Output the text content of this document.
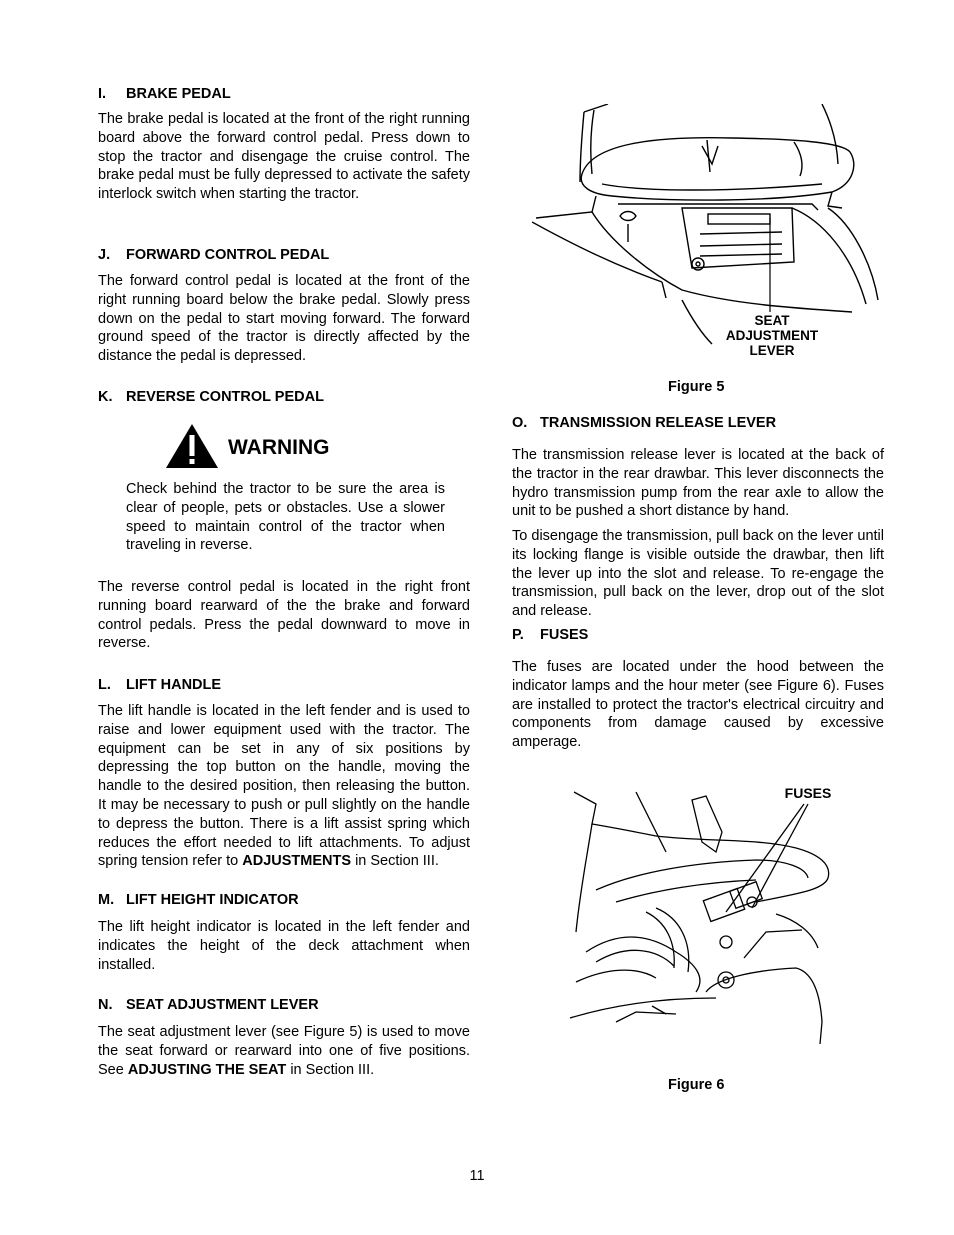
I. BRAKE PEDAL

The brake pedal is located at the front of the right running board above the forward control pedal. Press down to stop the tractor and disengage the cruise control. The brake pedal must be fully depressed to activate the safety interlock switch when starting the tractor.

J. FORWARD CONTROL PEDAL

The forward control pedal is located at the front of the right running board below the brake pedal. Slowly press down on the pedal to start moving forward. The forward ground speed of the tractor is directly affected by the distance the pedal is depressed.

K. REVERSE CONTROL PEDAL

WARNING

Check behind the tractor to be sure the area is clear of people, pets or obstacles. Use a slower speed to maintain control of the tractor when traveling in reverse.

The reverse control pedal is located in the right front running board rearward of the the brake and forward control pedals. Press the pedal downward to move in reverse.

L. LIFT HANDLE

The lift handle is located in the left fender and is used to raise and lower equipment used with the tractor. The equipment can be set in any of six positions by depressing the top button on the handle, moving the handle to the desired position, then releasing the button. It may be necessary to push or pull slightly on the handle to depress the button. There is a lift assist spring which reduces the effort needed to lift attachments. To adjust spring tension refer to ADJUSTMENTS in Section III.

M. LIFT HEIGHT INDICATOR

The lift height indicator is located in the left fender and indicates the height of the deck attachment when installed.

N. SEAT ADJUSTMENT LEVER

The seat adjustment lever (see Figure 5) is used to move the seat forward or rearward into one of five positions. See ADJUSTING THE SEAT in Section III.

SEAT
ADJUSTMENT
LEVER

Figure 5

O. TRANSMISSION RELEASE LEVER

The transmission release lever is located at the back of the tractor in the rear drawbar. This lever disconnects the hydro transmission pump from the rear axle to allow the unit to be pushed a short distance by hand.

To disengage the transmission, pull back on the lever until its locking flange is visible outside the drawbar, then lift the lever up into the slot and release. To re-engage the transmission, pull back on the lever, drop out of the slot and release.

P. FUSES

The fuses are located under the hood between the indicator lamps and the hour meter (see Figure 6). Fuses are installed to protect the tractor's electrical circuitry and components from damage caused by excessive amperage.

FUSES

Figure 6

11
